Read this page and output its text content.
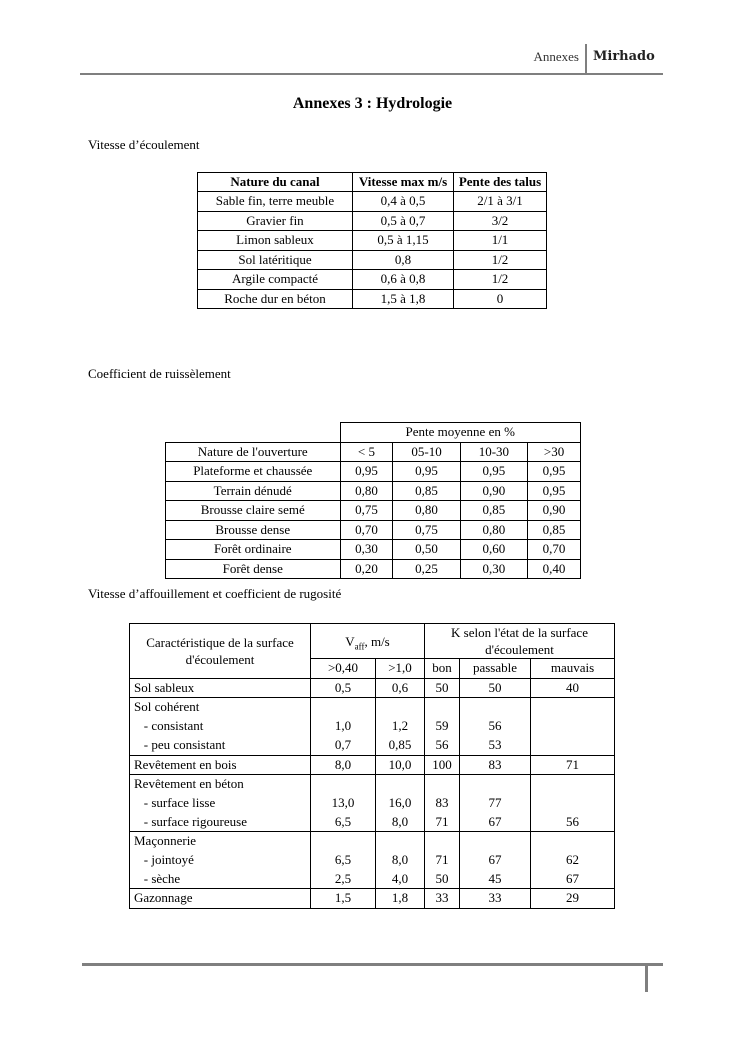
Annexes Mirhado
Annexes 3 : Hydrologie
Vitesse d’écoulement
Nature du canal	Vitesse max m/s	Pente des talus
Sable fin, terre meuble	0,4 à 0,5	2/1 à 3/1
Gravier fin	0,5 à 0,7	3/2
Limon sableux	0,5 à 1,15	1/1
Sol latéritique	0,8	1/2
Argile compacté	0,6 à 0,8	1/2
Roche dur en béton	1,5 à 1,8	0
Coefficient de ruissèlement
	Pente moyenne en %			
Nature de l'ouverture	< 5	05-10	10-30	>30
Plateforme et chaussée	0,95	0,95	0,95	0,95
Terrain dénudé	0,80	0,85	0,90	0,95
Brousse claire semé	0,75	0,80	0,85	0,90
Brousse dense	0,70	0,75	0,80	0,85
Forêt ordinaire	0,30	0,50	0,60	0,70
Forêt dense	0,20	0,25	0,30	0,40
Vitesse d’affouillement et coefficient de rugosité
Caractéristique de la surface d'écoulement	$V_{aff}$, m/s		K selon l'état de la surface d'écoulement		
	>0,40	>1,0	bon	passable	mauvais
Sol sableux	0,5	0,6	50	50	40
Sol cohérent					
- consistant	1,0	1,2	59	56	
- peu consistant	0,7	0,85	56	53	
Revêtement en bois	8,0	10,0	100	83	71
Revêtement en béton					
- surface lisse	13,0	16,0	83	77	
- surface rigoureuse	6,5	8,0	71	67	56
Maçonnerie					
- jointoyé	6,5	8,0	71	67	62
- sèche	2,5	4,0	50	45	67
Gazonnage	1,5	1,8	33	33	29
